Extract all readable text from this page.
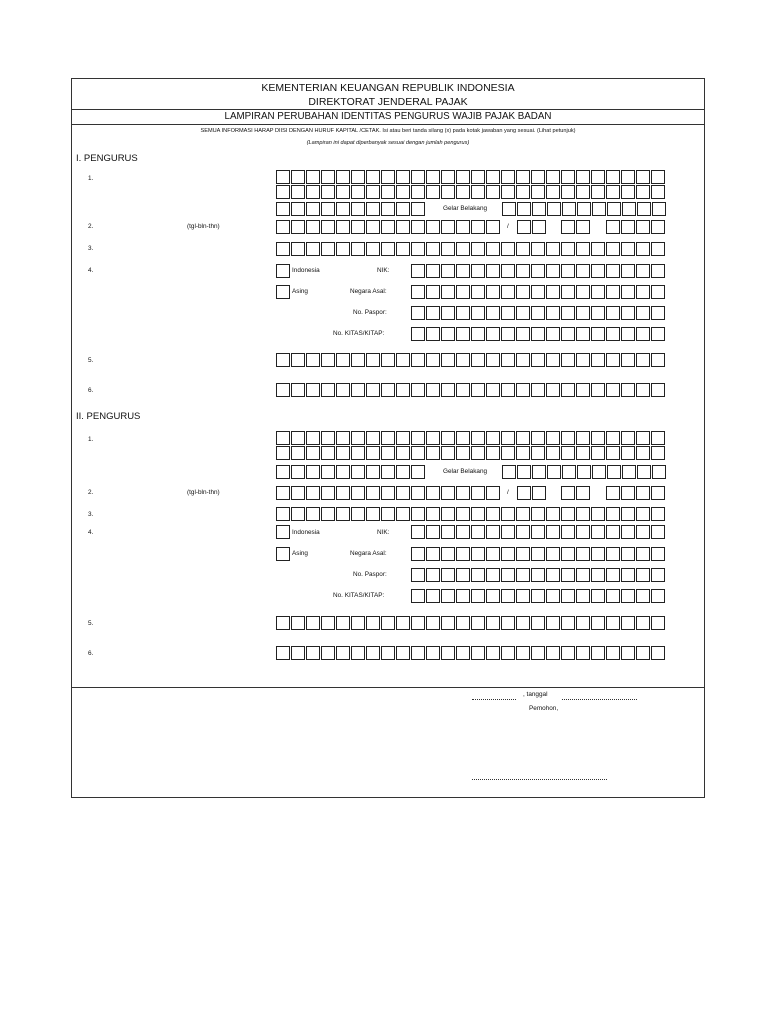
KEMENTERIAN KEUANGAN REPUBLIK INDONESIA
DIREKTORAT JENDERAL PAJAK
LAMPIRAN PERUBAHAN IDENTITAS PENGURUS WAJIB PAJAK BADAN
SEMUA INFORMASI HARAP DIISI DENGAN HURUF KAPITAL /CETAK. Isi atau beri tanda silang (x) pada kotak jawaban yang sesuai. (Lihat petunjuk)
(Lampiran ini dapat diperbanyak sesuai dengan jumlah pengurus)
I. PENGURUS
1.
Gelar Belakang
2.	(tgl-bln-thn)	/
3.
4.	Indonesia	NIK:
Asing	Negara Asal:
No. Paspor:
No. KITAS/KITAP:
5.
6.
II. PENGURUS
1.
Gelar Belakang
2.	(tgl-bln-thn)	/
3.
4.	Indonesia	NIK:
Asing	Negara Asal:
No. Paspor:
No. KITAS/KITAP:
5.
6.
, tanggal
Pemohon,
